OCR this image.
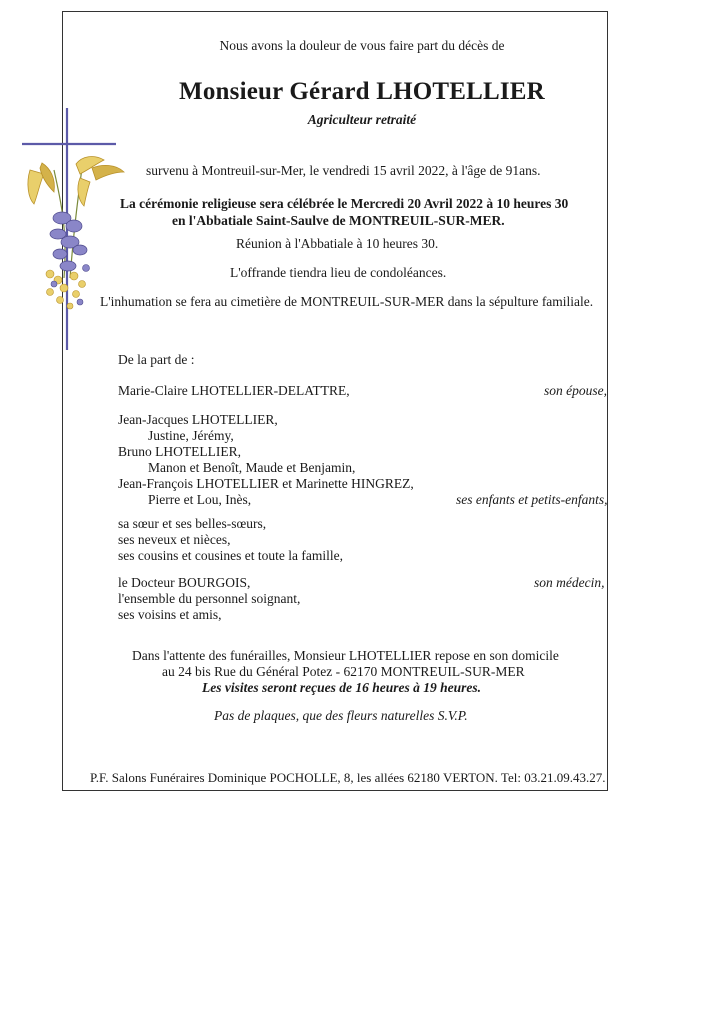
Nous avons la douleur de vous faire part du décès de
Monsieur Gérard LHOTELLIER
Agriculteur retraité
survenu à Montreuil-sur-Mer, le vendredi 15 avril 2022, à l'âge de 91ans.
La cérémonie religieuse sera célébrée le Mercredi 20 Avril 2022 à 10 heures 30
en l'Abbatiale Saint-Saulve de MONTREUIL-SUR-MER.
Réunion à l'Abbatiale à 10 heures 30.
L'offrande tiendra lieu de condoléances.
L'inhumation se fera au cimetière de MONTREUIL-SUR-MER dans la sépulture familiale.
De la part de :
Marie-Claire LHOTELLIER-DELATTRE,	son épouse,
Jean-Jacques LHOTELLIER,
Justine, Jérémy,
Bruno LHOTELLIER,
Manon et Benoît, Maude et Benjamin,
Jean-François LHOTELLIER et Marinette HINGREZ,
Pierre et Lou, Inès,	ses enfants et petits-enfants,
sa sœur et ses belles-sœurs,
ses neveux et nièces,
ses cousins et cousines et toute la famille,
le Docteur BOURGOIS,	son médecin,
l'ensemble du personnel soignant,
ses voisins et amis,
Dans l'attente des funérailles, Monsieur LHOTELLIER repose en son domicile
au 24 bis Rue du Général Potez - 62170 MONTREUIL-SUR-MER
Les visites seront reçues de 16 heures à 19 heures.
Pas de plaques, que des fleurs naturelles S.V.P.
P.F. Salons Funéraires Dominique POCHOLLE, 8, les allées 62180 VERTON. Tel: 03.21.09.43.27.
